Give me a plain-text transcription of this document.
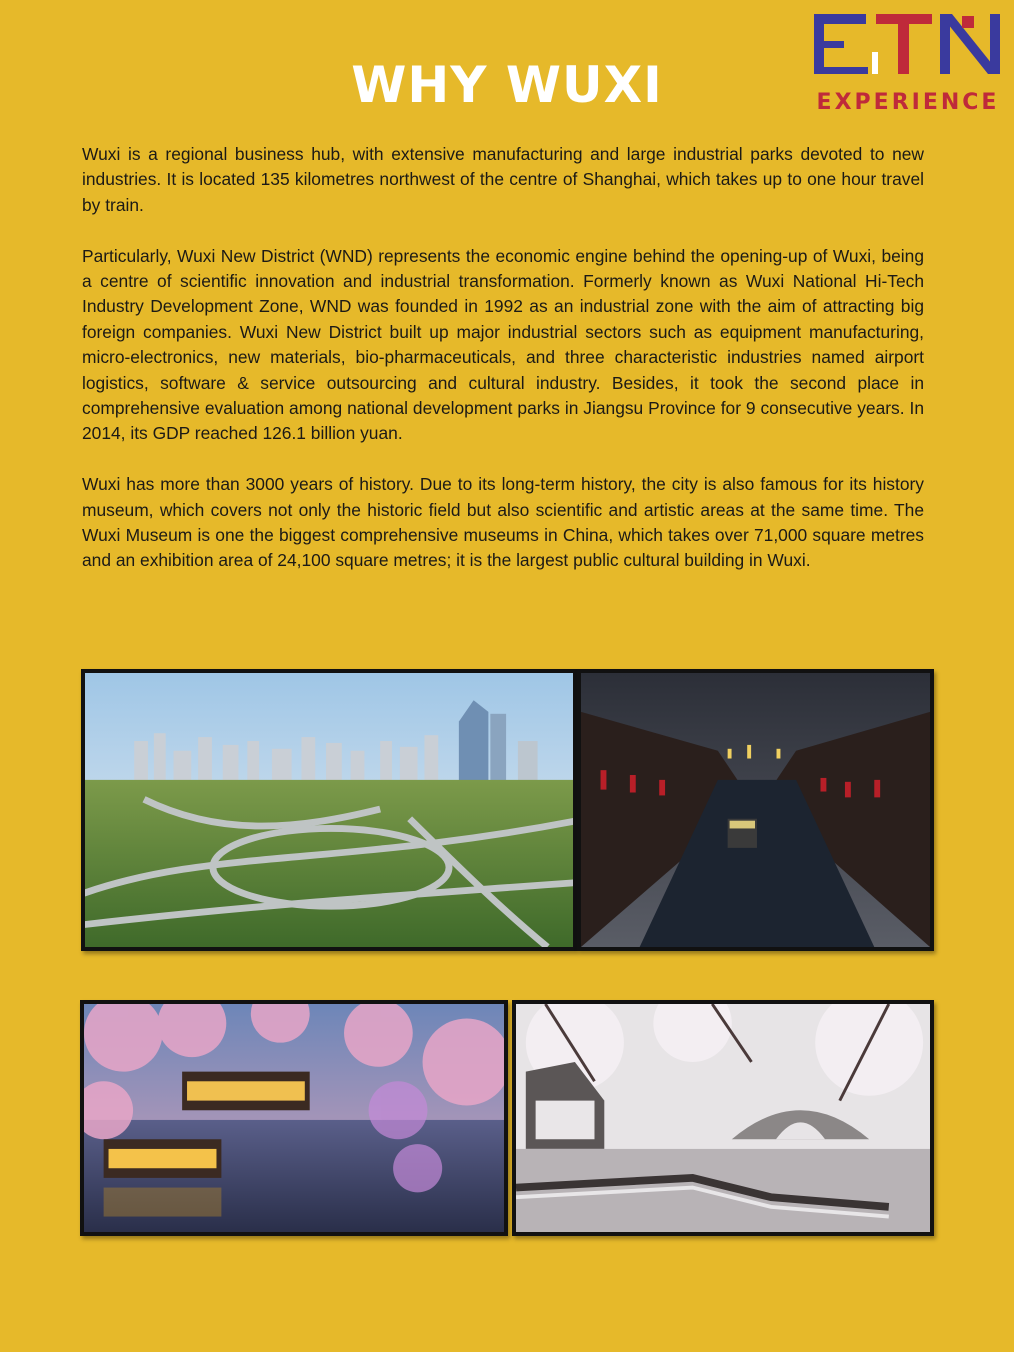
EXPERIENCE
WHY WUXI

Wuxi is a regional business hub, with extensive manufacturing and large industrial parks devoted to new industries. It is located 135 kilometres northwest of the centre of Shanghai, which takes up to one hour travel by train.

Particularly, Wuxi New District (WND) represents the economic engine behind the opening-up of Wuxi, being a centre of scientific innovation and industrial transformation. Formerly known as Wuxi National Hi-Tech Industry Development Zone, WND was founded in 1992 as an industrial zone with the aim of attracting big foreign companies. Wuxi New District built up major industrial sectors such as equipment manufacturing, micro-electronics, new materials, bio-pharmaceuticals, and three characteristic industries named airport logistics, software & service outsourcing and cultural industry. Besides, it took the second place in comprehensive evaluation among national development parks in Jiangsu Province for 9 consecutive years. In 2014, its GDP reached 126.1 billion yuan.

Wuxi has more than 3000 years of history. Due to its long-term history, the city is also famous for its history museum, which covers not only the historic field but also scientific and artistic areas at the same time. The Wuxi Museum is one the biggest comprehensive museums in China, which takes over 71,000 square metres and an exhibition area of 24,100 square metres; it is the largest public cultural building in Wuxi.
